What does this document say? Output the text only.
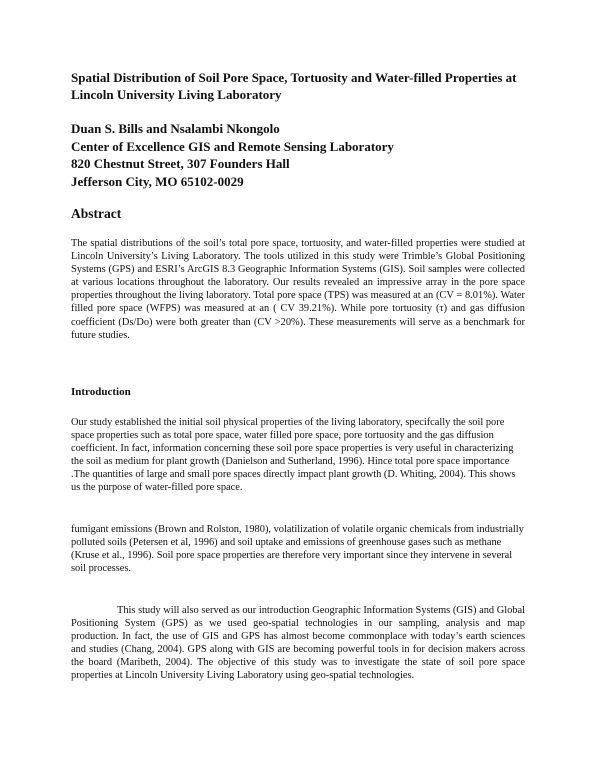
Spatial Distribution of Soil Pore Space, Tortuosity and Water-filled Properties at Lincoln University Living Laboratory
Duan S. Bills and Nsalambi Nkongolo
Center of Excellence GIS and Remote Sensing Laboratory
820 Chestnut Street, 307 Founders Hall
Jefferson City, MO 65102-0029
Abstract

The spatial distributions of the soil’s total pore space, tortuosity, and water-filled properties were studied at Lincoln University’s Living Laboratory. The tools utilized in this study were Trimble’s Global Positioning Systems (GPS) and ESRI’s ArcGIS 8.3 Geographic Information Systems (GIS). Soil samples were collected at various locations throughout the laboratory. Our results revealed an impressive array in the pore space properties throughout the living laboratory. Total pore space (TPS) was measured at an (CV = 8.01%). Water filled pore space (WFPS) was measured at an ( CV 39.21%). While pore tortuosity (τ) and gas diffusion coefficient (Ds/Do) were both greater than (CV >20%). These measurements will serve as a benchmark for future studies.

Introduction

Our study established the initial soil physical properties of the living laboratory, specifcally the soil pore space properties such as total pore space, water filled pore space, pore tortuosity and the gas diffusion coefficient. In fact, information concerning these soil pore space properties is very useful in characterizing the soil as medium for plant growth (Danielson and Sutherland, 1996). Hince total pore space importance .The quantities of large and small pore spaces directly impact plant growth (D. Whiting, 2004). This shows us the purpose of water-filled pore space.

fumigant emissions (Brown and Rolston, 1980), volatilization of volatile organic chemicals from industrially polluted soils (Petersen et al, 1996) and soil uptake and emissions of greenhouse gases such as methane (Kruse et al., 1996). Soil pore space properties are therefore very important since they intervene in several soil processes.

This study will also served as our introduction Geographic Information Systems (GIS) and Global Positioning System (GPS) as we used geo-spatial technologies in our sampling, analysis and map production. In fact, the use of GIS and GPS has almost become commonplace with today’s earth sciences and studies (Chang, 2004). GPS along with GIS are becoming powerful tools in for decision makers across the board (Maribeth, 2004). The objective of this study was to investigate the state of soil pore space properties at Lincoln University Living Laboratory using geo-spatial technologies.
